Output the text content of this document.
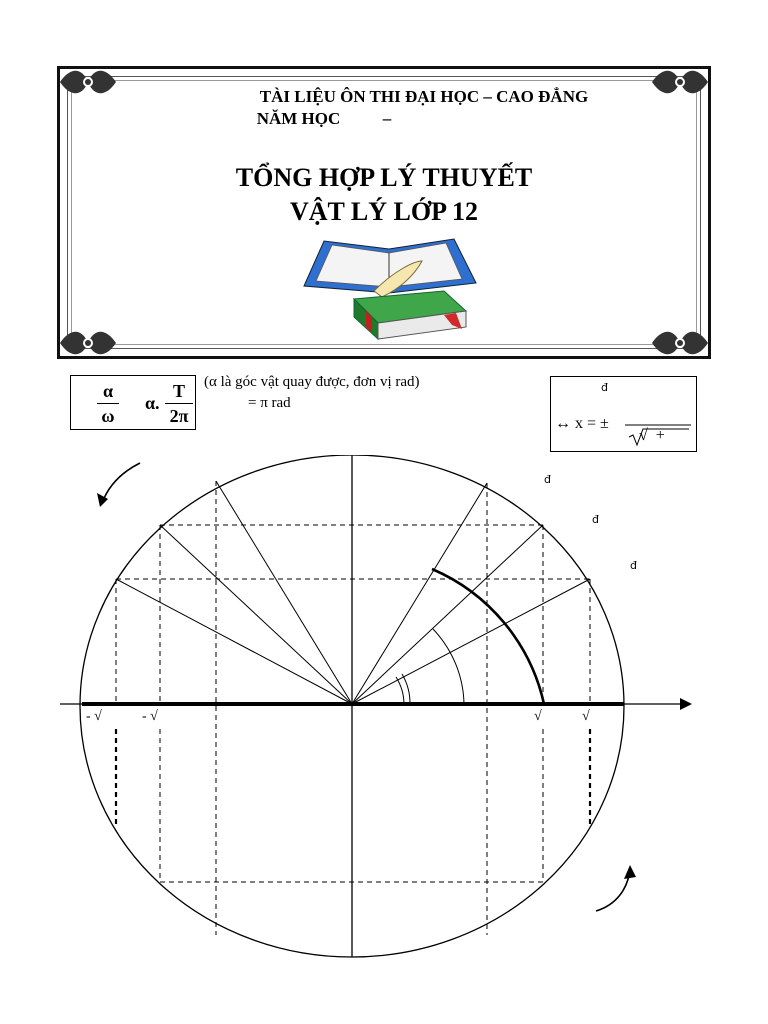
TÀI LIỆU ÔN THI ĐẠI HỌC – CAO ĐẲNG
NĂM HỌC          –
TỔNG HỢP LÝ THUYẾT
VẬT LÝ LỚP 12
α
ω
α.
T
2π
(α là góc vật quay được, đơn vị rad)
= π rad
đ
↔ x = ±
√  +
- √	- √	√	√
đ
đ
đ
